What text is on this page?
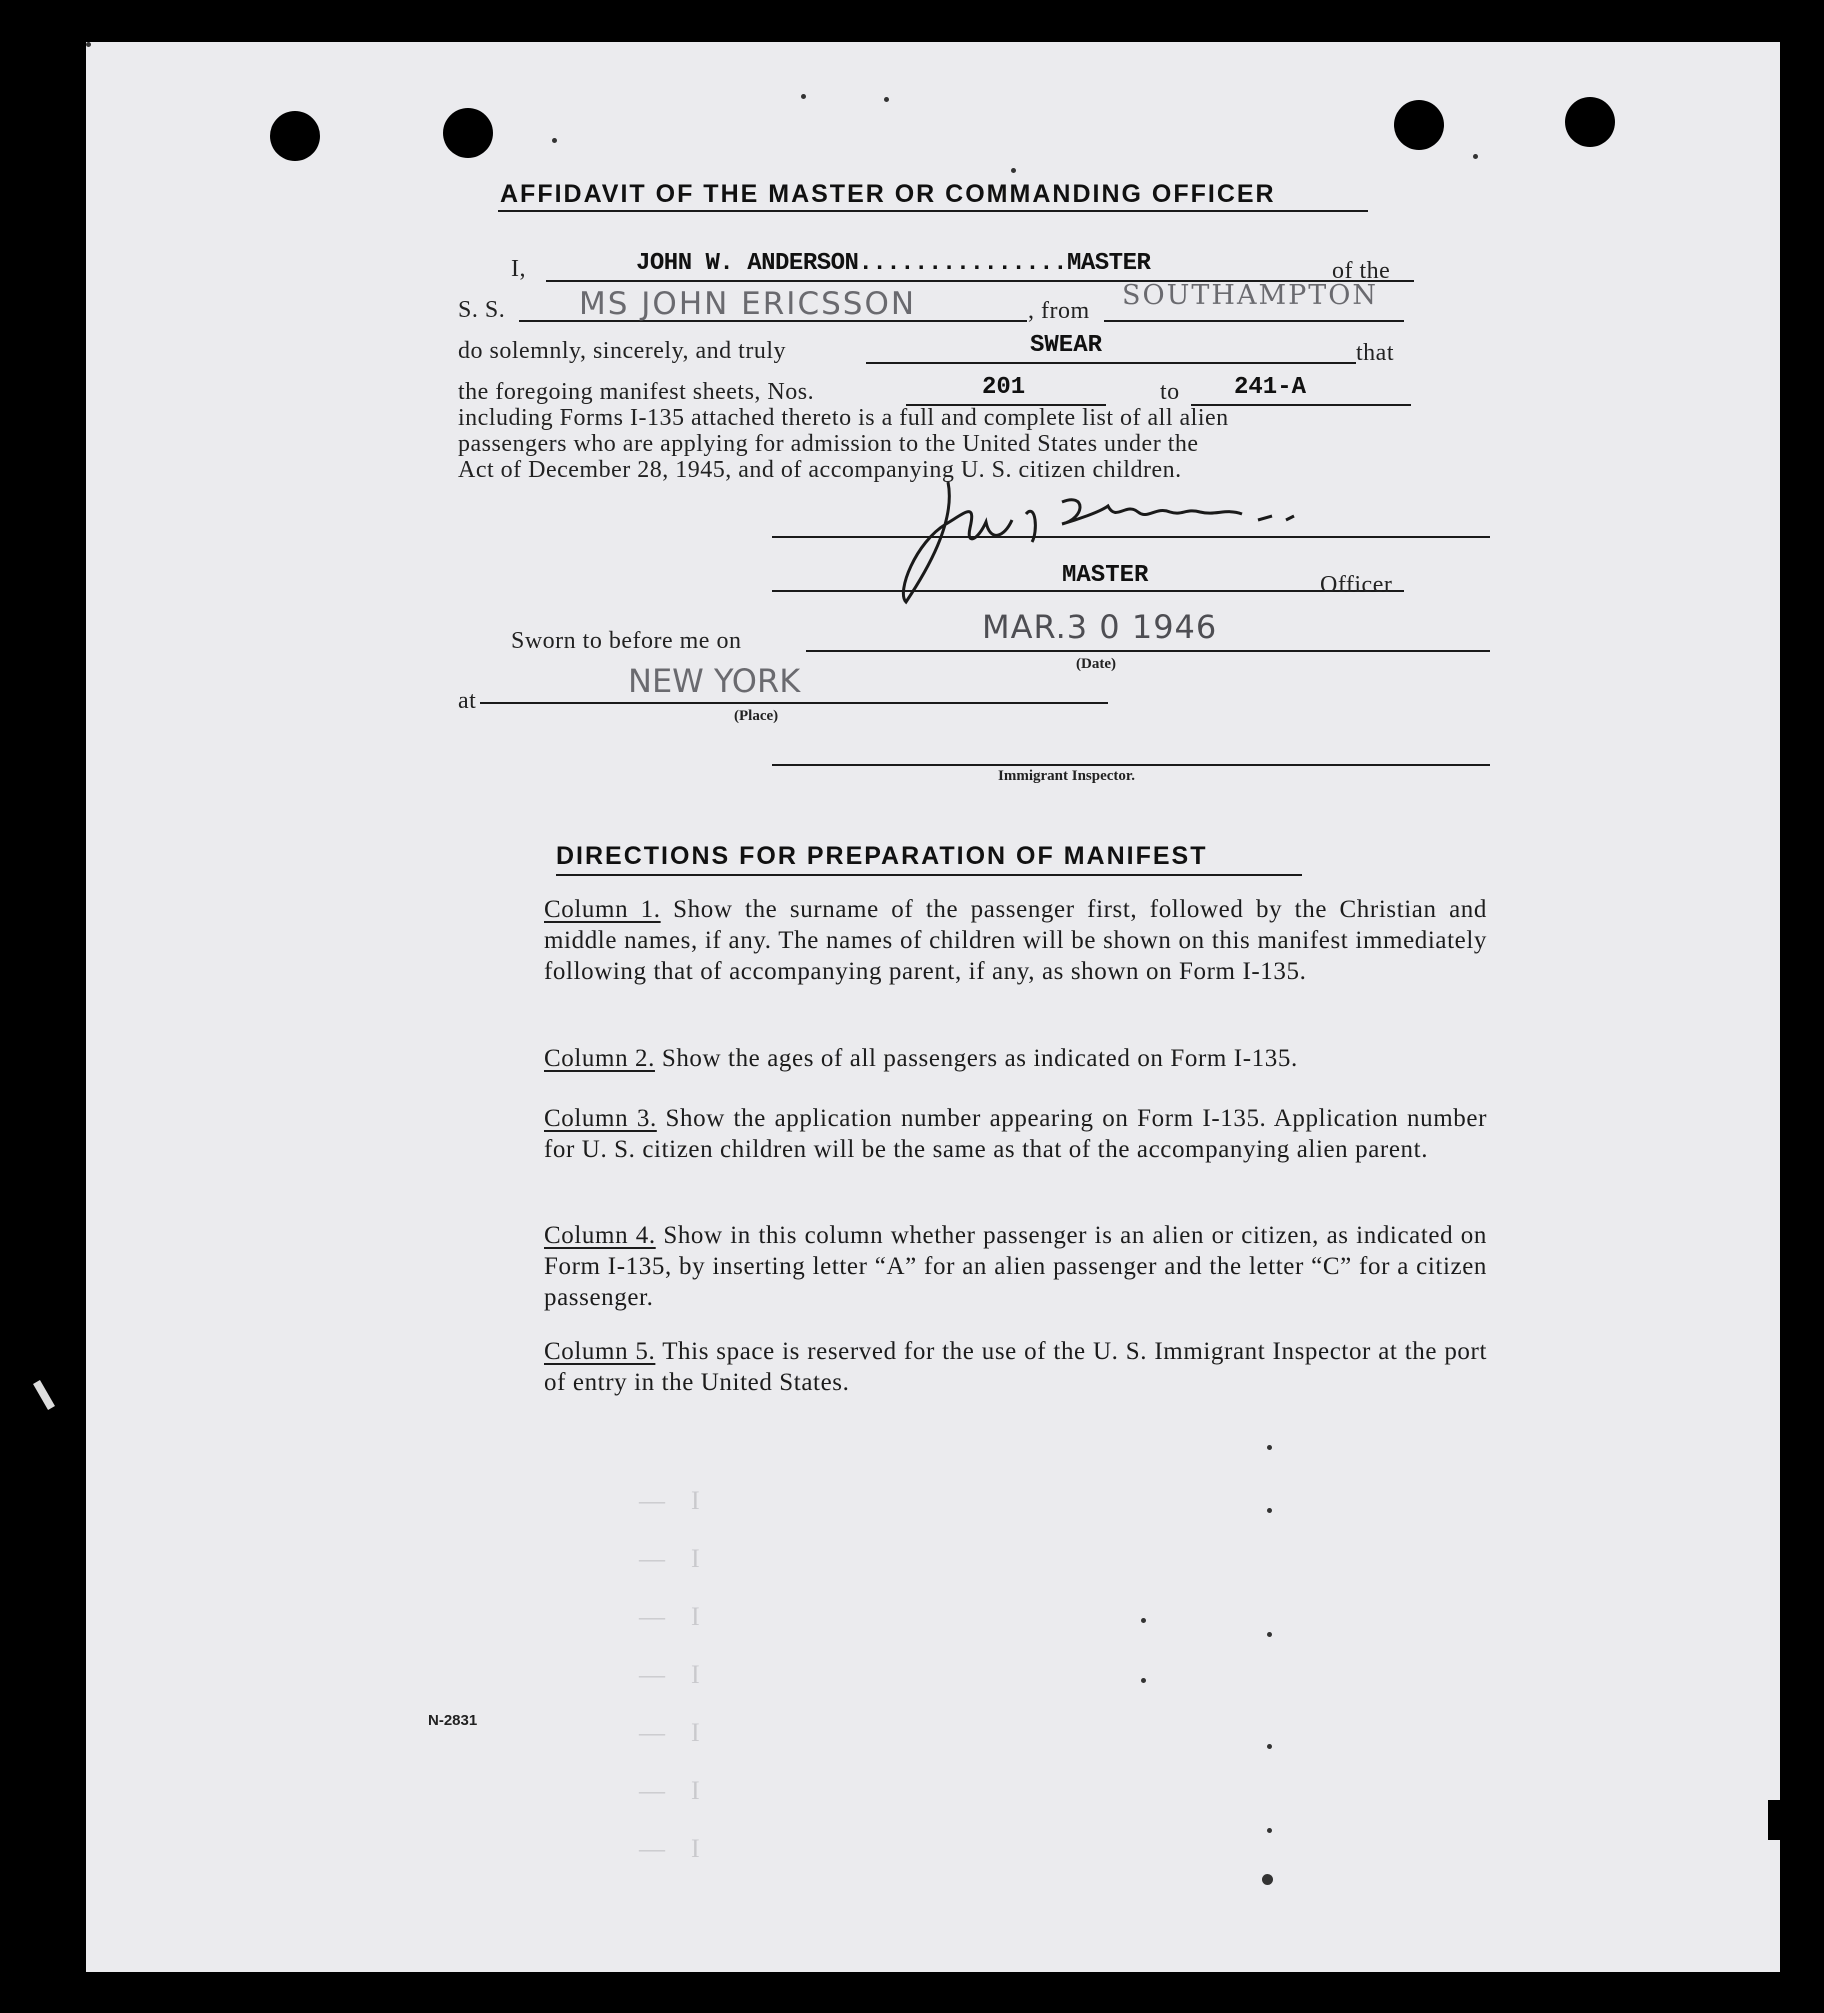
AFFIDAVIT OF THE MASTER OR COMMANDING OFFICER
I,	JOHN W. ANDERSON...............MASTER	of the
S. S. MS JOHN ERICSSON	, from SOUTHAMPTON
do solemnly, sincerely, and truly	SWEAR	that
the foregoing manifest sheets, Nos.	201	to 241-A
including Forms I-135 attached thereto is a full and complete list of all alien
passengers who are applying for admission to the United States under the
Act of December 28, 1945, and of accompanying U. S. citizen children.
MASTER	Officer
Sworn to before me on	MAR.3 0 1946
(Date)
at
NEW YORK
(Place)
Immigrant Inspector.
DIRECTIONS FOR PREPARATION OF MANIFEST
Column 1. Show the surname of the passenger first, followed by the Christian and middle names, if any. The names of children will be shown on this manifest immediately following that of accompanying parent, if any, as shown on Form I-135.
Column 2. Show the ages of all passengers as indicated on Form I-135.
Column 3. Show the application number appearing on Form I-135. Application number for U. S. citizen children will be the same as that of the accompanying alien parent.
Column 4. Show in this column whether passenger is an alien or citizen, as indicated on Form I-135, by inserting letter “A” for an alien passenger and the letter “C” for a citizen passenger.
Column 5. This space is reserved for the use of the U. S. Immigrant Inspector at the port of entry in the United States.
N-2831
—    I
—    I
—    I
—    I
—    I
—    I
—    I
